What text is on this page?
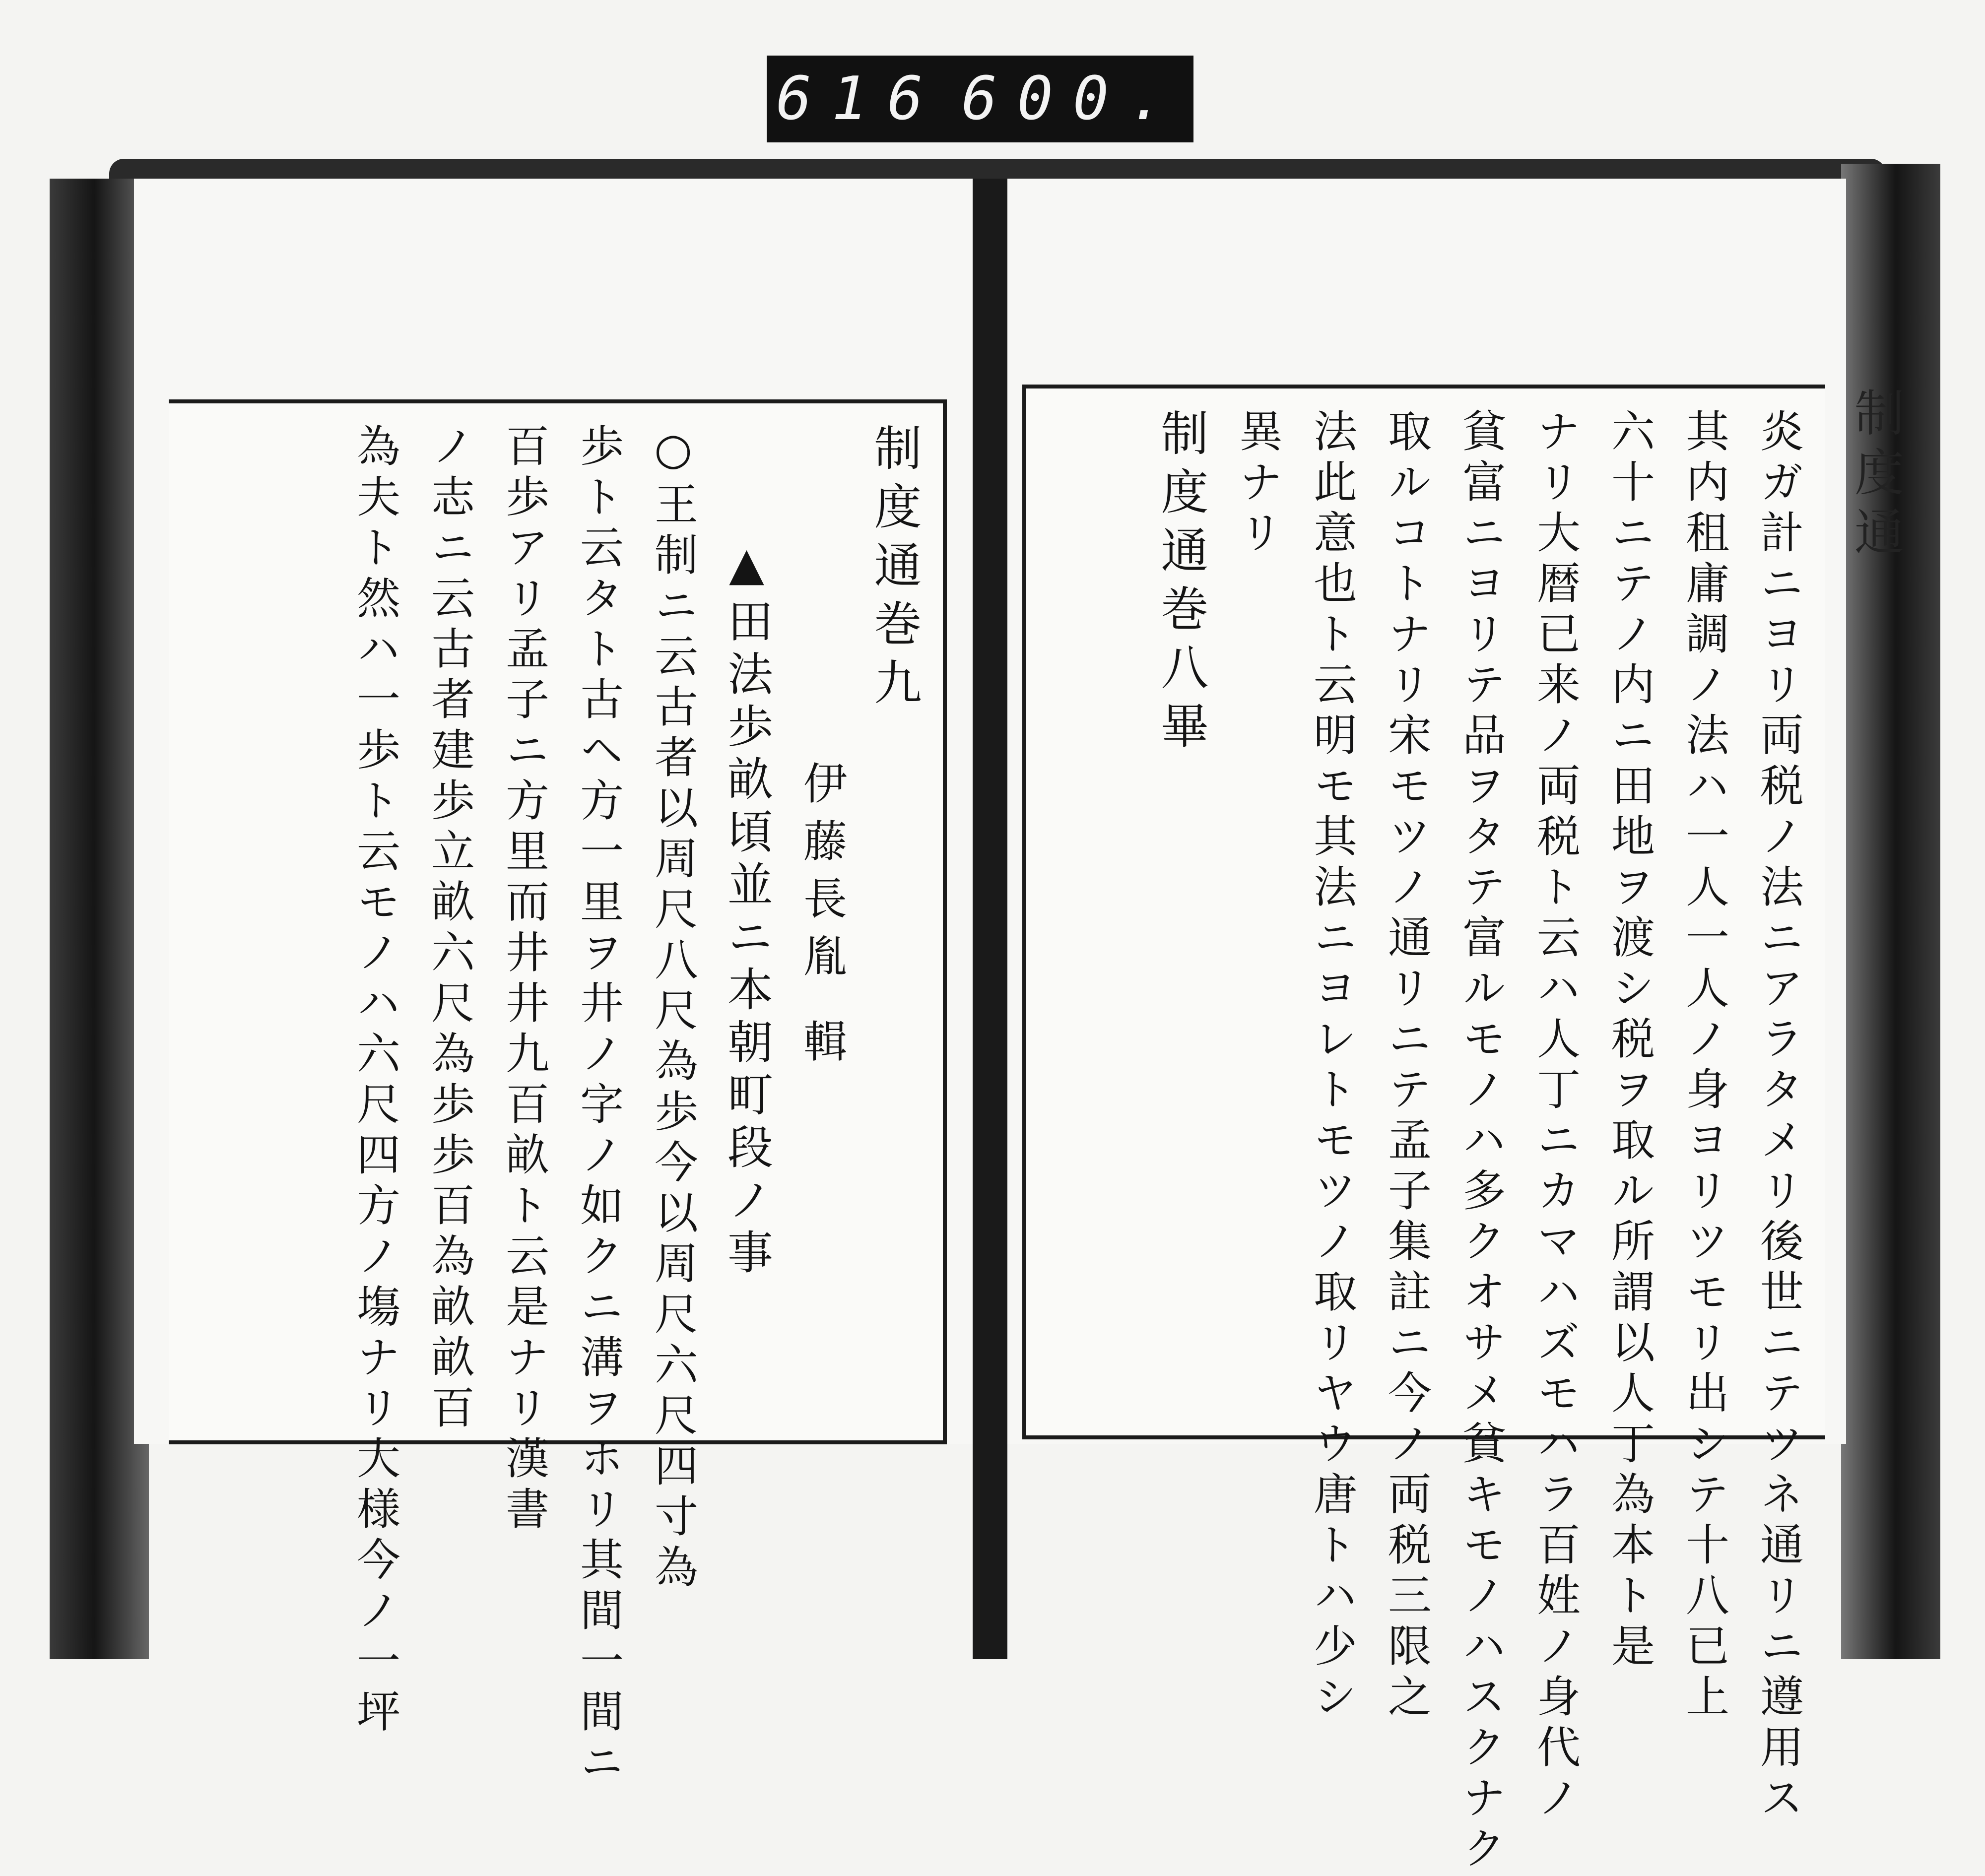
616 600.
制度通巻九
伊藤長胤 輯
▲田法歩畝頃並ニ本朝町段ノ事
○王制ニ云古者以周尺八尺為歩今以周尺六尺四寸為
歩ト云タト古ヘ方一里ヲ井ノ字ノ如クニ溝ヲホリ其間一間ニ
百歩アリ孟子ニ方里而井井九百畝ト云是ナリ漢書
ノ志ニ云古者建歩立畝六尺為歩歩百為畝畝百
為夫ト然ハ一歩ト云モノハ六尺四方ノ塲ナリ大様今ノ一坪	炎ガ計ニヨリ両税ノ法ニアラタメリ後世ニテツネ通リニ遵用ス
其内租庸調ノ法ハ一人一人ノ身ヨリツモリ出シテ十八已上
六十ニテノ内ニ田地ヲ渡シ税ヲ取ル所謂以人丁為本ト是
ナリ大暦已来ノ両税ト云ハ人丁ニカマハズモハラ百姓ノ身代ノ
貧富ニヨリテ品ヲタテ富ルモノハ多クオサメ貧キモノハスクナク
取ルコトナリ宋モツノ通リニテ孟子集註ニ今ノ両税三限之
法此意也ト云明モ其法ニヨレトモツノ取リヤウ唐トハ少シ
異ナリ
制度通巻八畢	制度通
